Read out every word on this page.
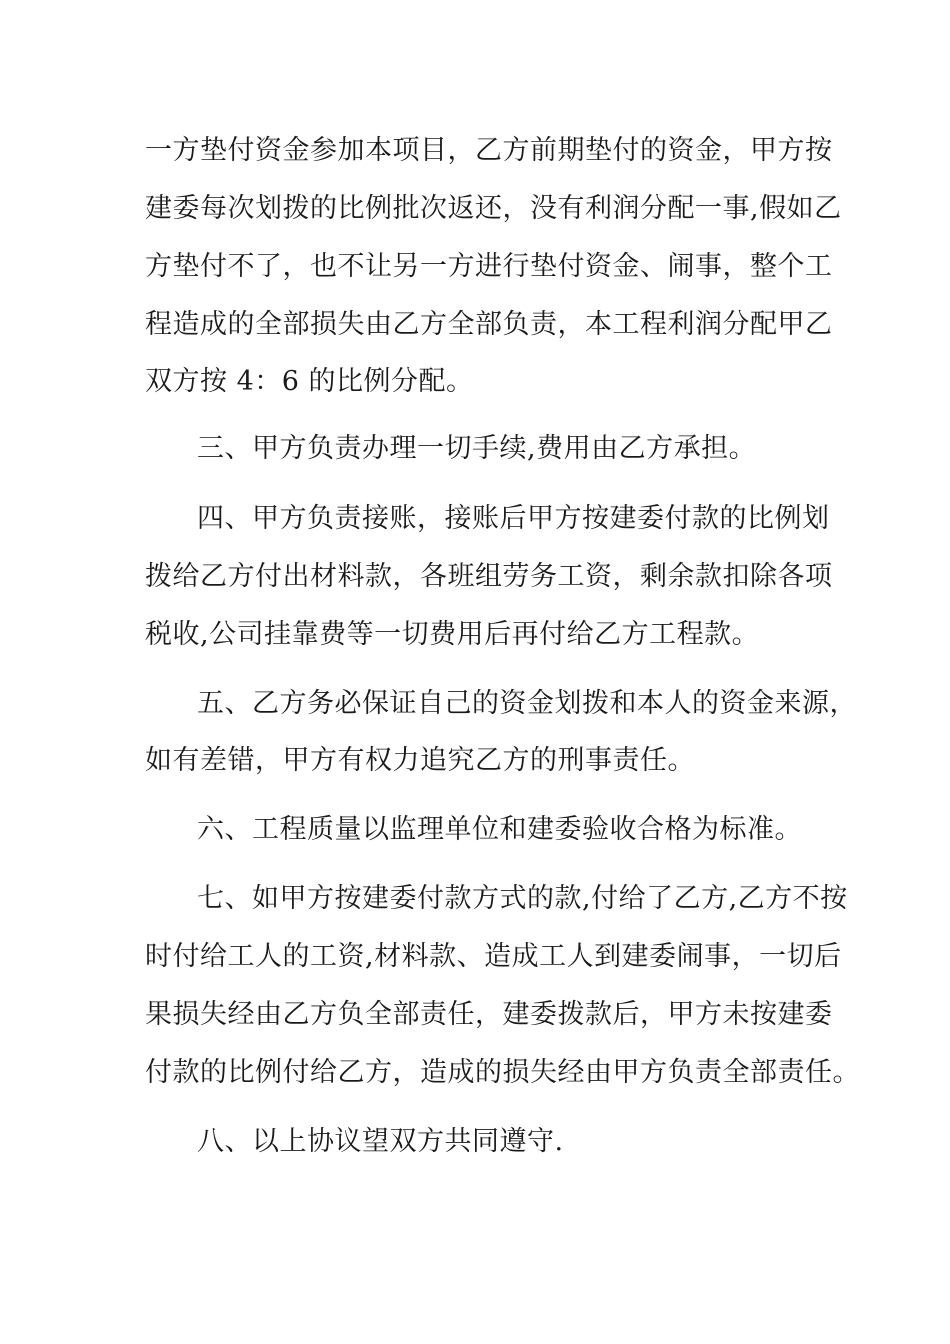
一方垫付资金参加本项目，乙方前期垫付的资金，甲方按

建委每次划拨的比例批次返还，没有利润分配一事,假如乙

方垫付不了，也不让另一方进行垫付资金、闹事，整个工

程造成的全部损失由乙方全部负责，本工程利润分配甲乙

双方按 4：6 的比例分配。

三、甲方负责办理一切手续,费用由乙方承担。

四、甲方负责接账，接账后甲方按建委付款的比例划

拨给乙方付出材料款，各班组劳务工资，剩余款扣除各项

税收,公司挂靠费等一切费用后再付给乙方工程款。

五、乙方务必保证自己的资金划拨和本人的资金来源，

如有差错，甲方有权力追究乙方的刑事责任。

六、工程质量以监理单位和建委验收合格为标准。

七、如甲方按建委付款方式的款,付给了乙方,乙方不按

时付给工人的工资,材料款、造成工人到建委闹事，一切后

果损失经由乙方负全部责任，建委拨款后，甲方未按建委

付款的比例付给乙方，造成的损失经由甲方负责全部责任。

八、以上协议望双方共同遵守.
